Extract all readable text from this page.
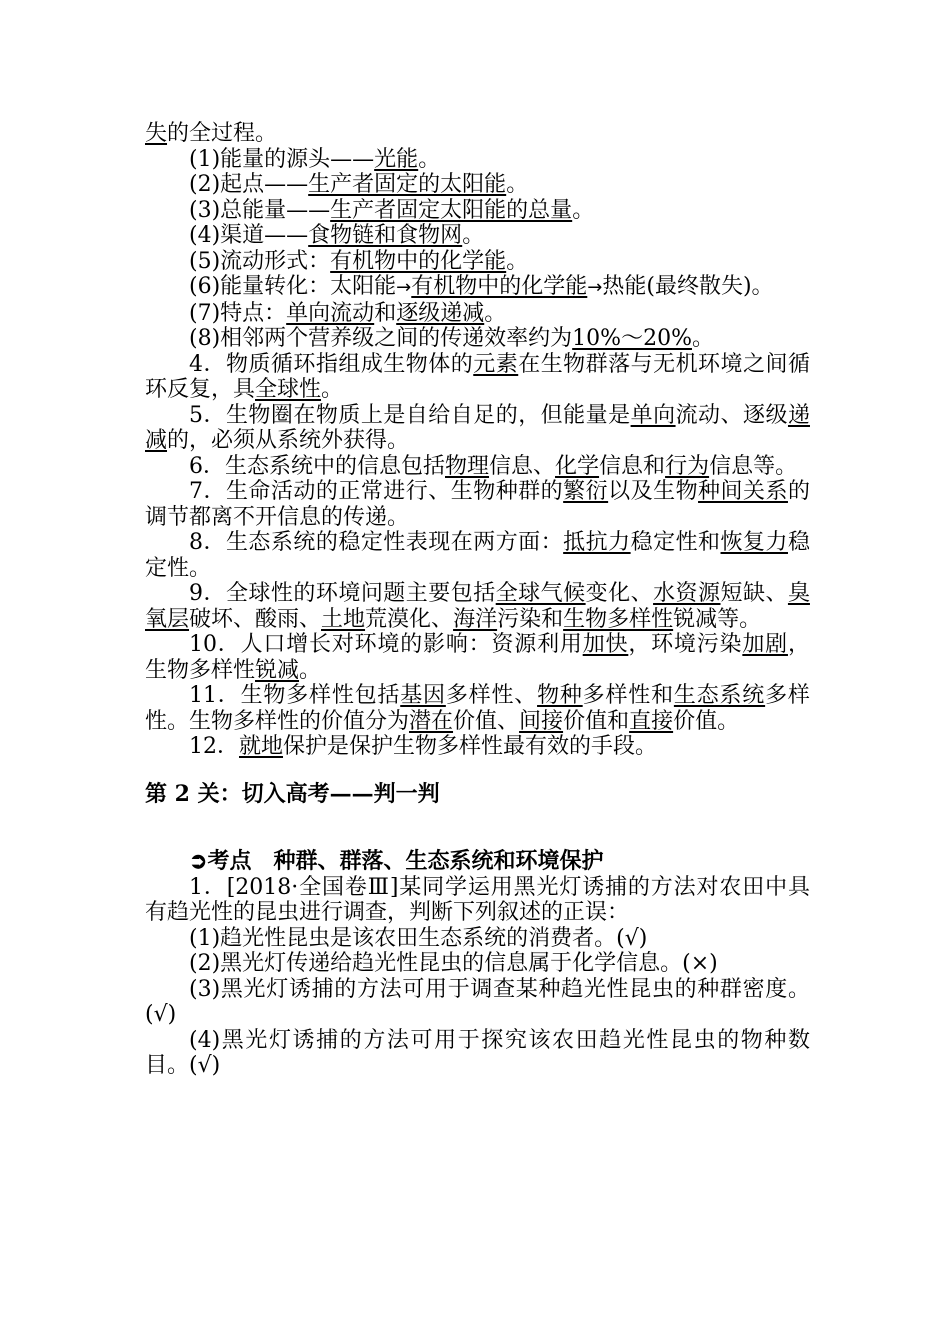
失的全过程。

(1)能量的源头——光能。

(2)起点——生产者固定的太阳能。

(3)总能量——生产者固定太阳能的总量。

(4)渠道——食物链和食物网。

(5)流动形式：有机物中的化学能。

(6)能量转化：太阳能→有机物中的化学能→热能(最终散失)。

(7)特点：单向流动和逐级递减。

(8)相邻两个营养级之间的传递效率约为10%～20%。

4．物质循环指组成生物体的元素在生物群落与无机环境之间循环反复，具全球性。

5．生物圈在物质上是自给自足的，但能量是单向流动、逐级递减的，必须从系统外获得。

6．生态系统中的信息包括物理信息、化学信息和行为信息等。

7．生命活动的正常进行、生物种群的繁衍以及生物种间关系的调节都离不开信息的传递。

8．生态系统的稳定性表现在两方面：抵抗力稳定性和恢复力稳定性。

9．全球性的环境问题主要包括全球气候变化、水资源短缺、臭氧层破坏、酸雨、土地荒漠化、海洋污染和生物多样性锐减等。

10．人口增长对环境的影响：资源利用加快，环境污染加剧，生物多样性锐减。

11．生物多样性包括基因多样性、物种多样性和生态系统多样性。生物多样性的价值分为潜在价值、间接价值和直接价值。

12．就地保护是保护生物多样性最有效的手段。

第 2 关：切入高考——判一判

➲考点　种群、群落、生态系统和环境保护

1．[2018·全国卷Ⅲ]某同学运用黑光灯诱捕的方法对农田中具有趋光性的昆虫进行调查，判断下列叙述的正误：

(1)趋光性昆虫是该农田生态系统的消费者。(√)

(2)黑光灯传递给趋光性昆虫的信息属于化学信息。(×)

(3)黑光灯诱捕的方法可用于调查某种趋光性昆虫的种群密度。(√)

(4)黑光灯诱捕的方法可用于探究该农田趋光性昆虫的物种数目。(√)
